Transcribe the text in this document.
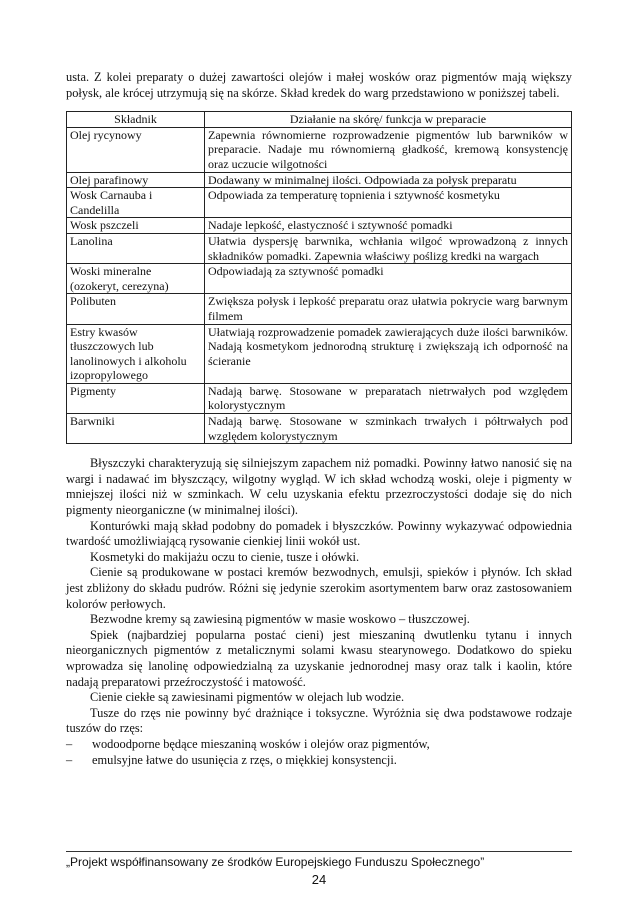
usta. Z kolei preparaty o dużej zawartości olejów i małej wosków oraz pigmentów mają większy połysk, ale krócej utrzymują się na skórze. Skład kredek do warg przedstawiono w poniższej tabeli.

Składnik	Działanie na skórę/ funkcja w preparacie
Olej rycynowy	Zapewnia równomierne rozprowadzenie pigmentów lub barwników w preparacie. Nadaje mu równomierną gładkość, kremową konsystencję oraz uczucie wilgotności
Olej parafinowy	Dodawany w minimalnej ilości. Odpowiada za połysk preparatu
Wosk Carnauba i Candelilla	Odpowiada za temperaturę topnienia i sztywność kosmetyku
Wosk pszczeli	Nadaje lepkość, elastyczność i sztywność pomadki
Lanolina	Ułatwia dyspersję barwnika, wchłania wilgoć wprowadzoną z innych składników pomadki. Zapewnia właściwy poślizg kredki na wargach
Woski mineralne (ozokeryt, cerezyna)	Odpowiadają za sztywność pomadki
Polibuten	Zwiększa połysk i lepkość preparatu oraz ułatwia pokrycie warg barwnym filmem
Estry kwasów tłuszczowych lub lanolinowych i alkoholu izopropylowego	Ułatwiają rozprowadzenie pomadek zawierających duże ilości barwników. Nadają kosmetykom jednorodną strukturę i zwiększają ich odporność na ścieranie
Pigmenty	Nadają barwę. Stosowane w preparatach nietrwałych pod względem kolorystycznym
Barwniki	Nadają barwę. Stosowane w szminkach trwałych i półtrwałych pod względem kolorystycznym

Błyszczyki charakteryzują się silniejszym zapachem niż pomadki. Powinny łatwo nanosić się na wargi i nadawać im błyszczący, wilgotny wygląd. W ich skład wchodzą woski, oleje i pigmenty w mniejszej ilości niż w szminkach. W celu uzyskania efektu przezroczystości dodaje się do nich pigmenty nieorganiczne (w minimalnej ilości).

Konturówki mają skład podobny do pomadek i błyszczków. Powinny wykazywać odpowiednia twardość umożliwiającą rysowanie cienkiej linii wokół ust.

Kosmetyki do makijażu oczu to cienie, tusze i ołówki.

Cienie są produkowane w postaci kremów bezwodnych, emulsji, spieków i płynów. Ich skład jest zbliżony do składu pudrów. Różni się jedynie szerokim asortymentem barw oraz zastosowaniem kolorów perłowych.

Bezwodne kremy są zawiesiną pigmentów w masie woskowo – tłuszczowej.

Spiek (najbardziej popularna postać cieni) jest mieszaniną dwutlenku tytanu i innych nieorganicznych pigmentów z metalicznymi solami kwasu stearynowego. Dodatkowo do spieku wprowadza się lanolinę odpowiedzialną za uzyskanie jednorodnej masy oraz talk i kaolin, które nadają preparatowi przeźroczystość i matowość.

Cienie ciekłe są zawiesinami pigmentów w olejach lub wodzie.

Tusze do rzęs nie powinny być drażniące i toksyczne. Wyróżnia się dwa podstawowe rodzaje tuszów do rzęs:

–	wodoodporne będące mieszaniną wosków i olejów oraz pigmentów,
–	emulsyjne łatwe do usunięcia z rzęs, o miękkiej konsystencji.
„Projekt współfinansowany ze środków Europejskiego Funduszu Społecznego”
24
